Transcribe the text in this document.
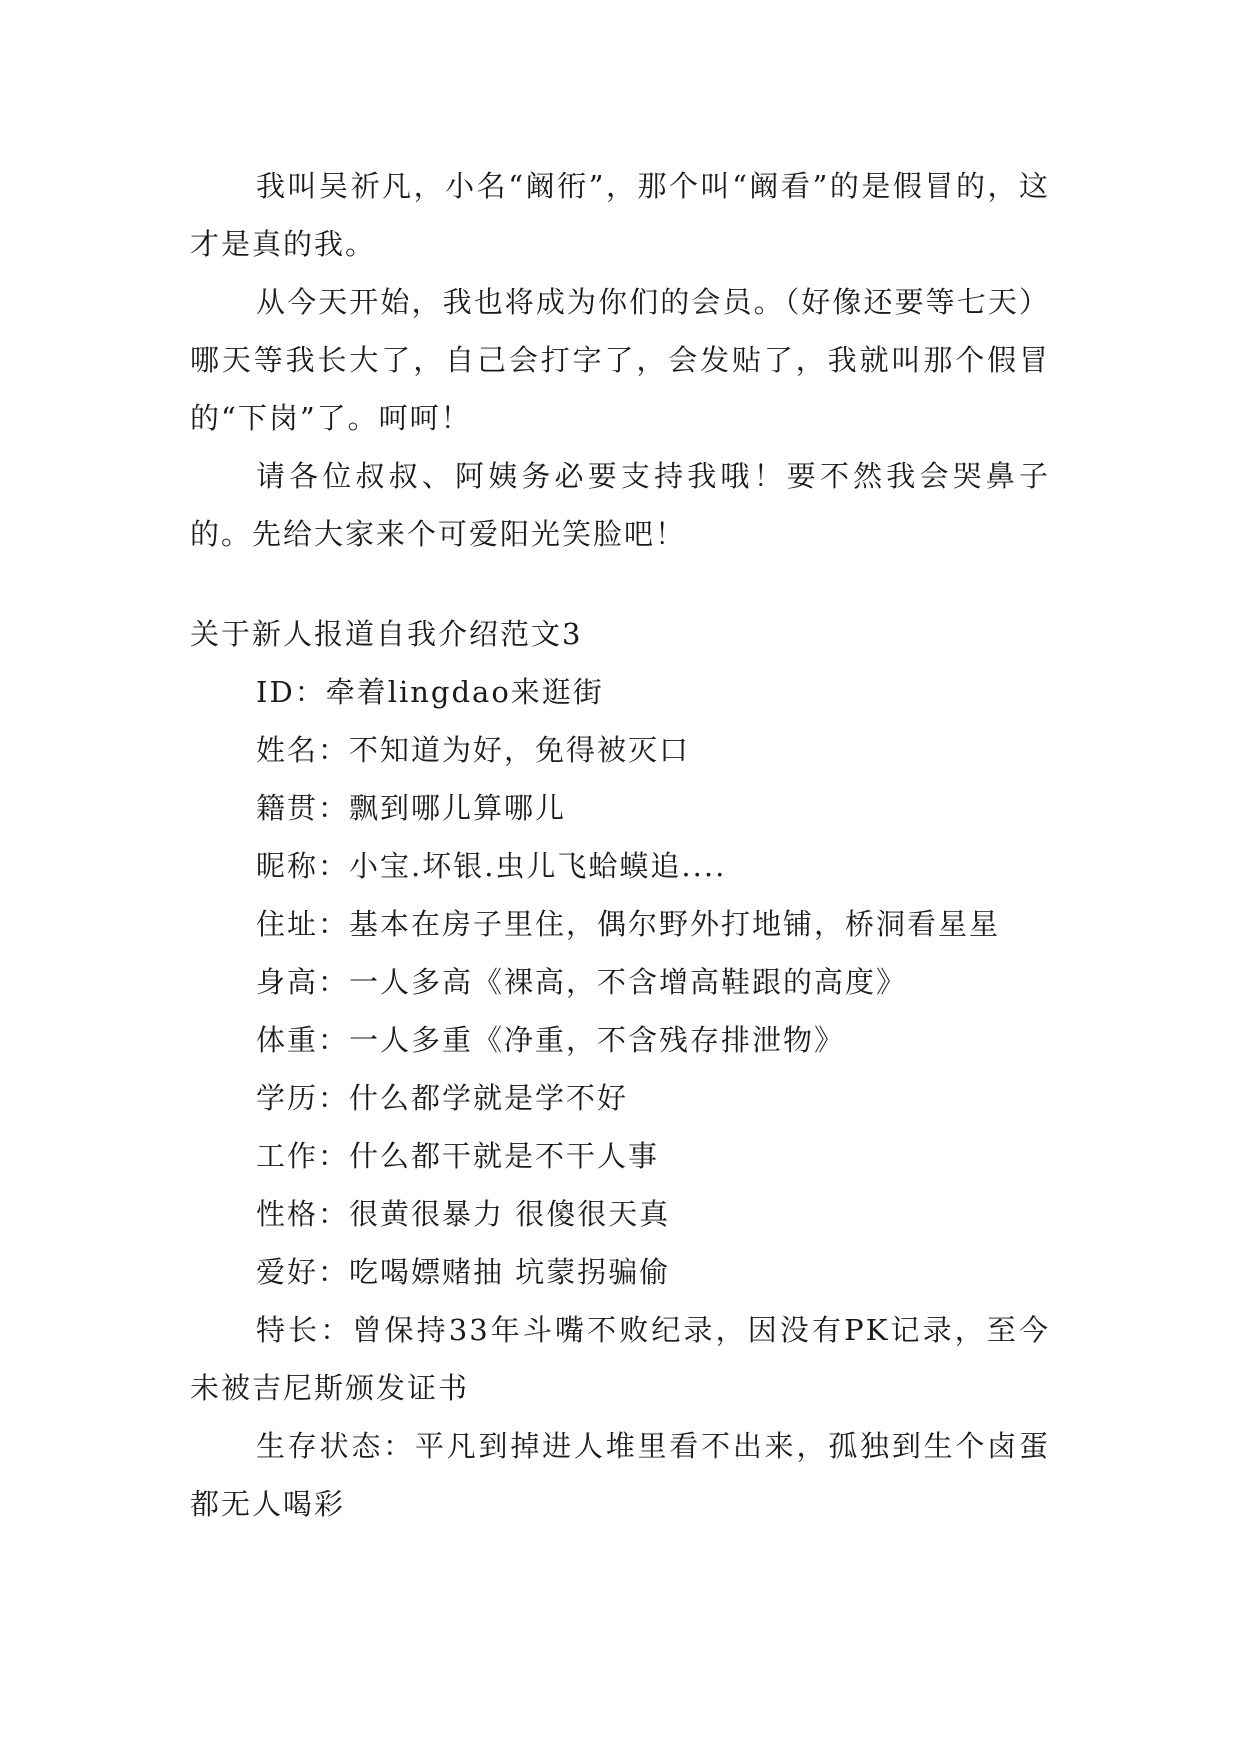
我叫吴祈凡，小名“阚衎”，那个叫“阚看”的是假冒的，这才是真的我。

从今天开始，我也将成为你们的会员。（好像还要等七天）哪天等我长大了，自己会打字了，会发贴了，我就叫那个假冒的“下岗”了。呵呵！

请各位叔叔、阿姨务必要支持我哦！要不然我会哭鼻子的。先给大家来个可爱阳光笑脸吧！

关于新人报道自我介绍范文3

ID：牵着lingdao来逛街

姓名：不知道为好，免得被灭口

籍贯：飘到哪儿算哪儿

昵称：小宝.坏银.虫儿飞蛤蟆追....

住址：基本在房子里住，偶尔野外打地铺，桥洞看星星

身高：一人多高《裸高，不含增高鞋跟的高度》

体重：一人多重《净重，不含残存排泄物》

学历：什么都学就是学不好

工作：什么都干就是不干人事

性格：很黄很暴力 很傻很天真

爱好：吃喝嫖赌抽 坑蒙拐骗偷

特长：曾保持33年斗嘴不败纪录，因没有PK记录，至今未被吉尼斯颁发证书

生存状态：平凡到掉进人堆里看不出来，孤独到生个卤蛋都无人喝彩
